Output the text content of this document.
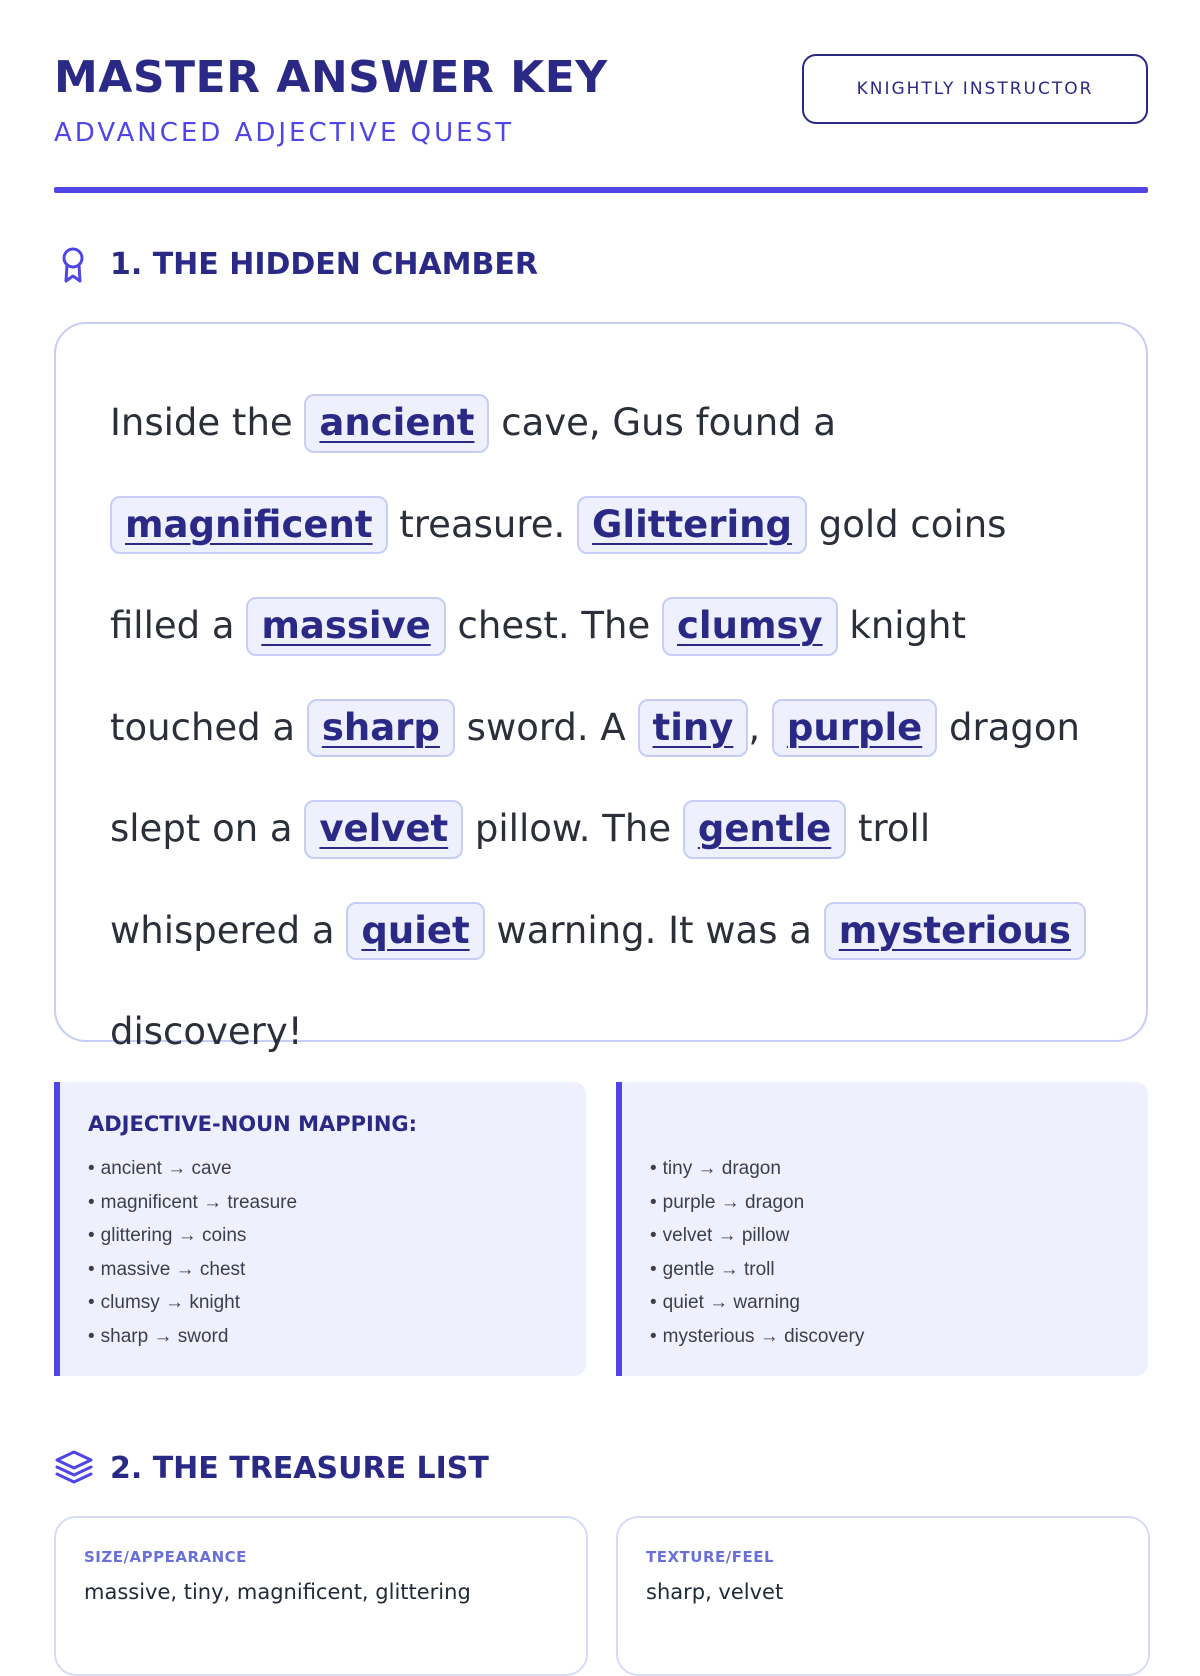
MASTER ANSWER KEY
ADVANCED ADJECTIVE QUEST
KNIGHTLY INSTRUCTOR
1. THE HIDDEN CHAMBER

Inside the ancient cave, Gus found a magnificent treasure. Glittering gold coins filled a massive chest. The clumsy knight touched a sharp sword. A tiny , purple dragon slept on a velvet pillow. The gentle troll whispered a quiet warning. It was a mysterious discovery!

ADJECTIVE-NOUN MAPPING:
• ancient → cave
• magnificent → treasure
• glittering → coins
• massive → chest
• clumsy → knight
• sharp → sword
• tiny → dragon
• purple → dragon
• velvet → pillow
• gentle → troll
• quiet → warning
• mysterious → discovery
2. THE TREASURE LIST
SIZE/APPEARANCE
massive, tiny, magnificent, glittering
TEXTURE/FEEL
sharp, velvet
